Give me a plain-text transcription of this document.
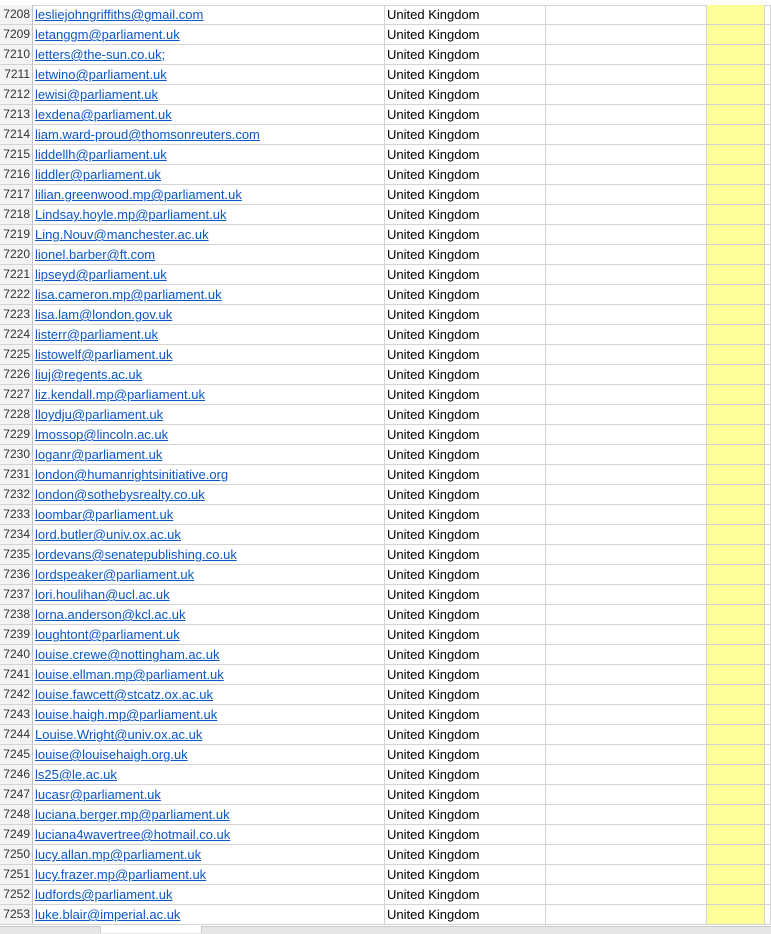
7208 lesliejohngriffiths@gmail.com	United Kingdom
7209 letanggm@parliament.uk	United Kingdom
7210 letters@the-sun.co.uk;	United Kingdom
7211 letwino@parliament.uk	United Kingdom
7212 lewisi@parliament.uk	United Kingdom
7213 lexdena@parliament.uk	United Kingdom
7214 liam.ward-proud@thomsonreuters.com	United Kingdom
7215 liddellh@parliament.uk	United Kingdom
7216 liddler@parliament.uk	United Kingdom
7217 lilian.greenwood.mp@parliament.uk	United Kingdom
7218 Lindsay.hoyle.mp@parliament.uk	United Kingdom
7219 Ling.Nouv@manchester.ac.uk	United Kingdom
7220 lionel.barber@ft.com	United Kingdom
7221 lipseyd@parliament.uk	United Kingdom
7222 lisa.cameron.mp@parliament.uk	United Kingdom
7223 lisa.lam@london.gov.uk	United Kingdom
7224 listerr@parliament.uk	United Kingdom
7225 listowelf@parliament.uk	United Kingdom
7226 liuj@regents.ac.uk	United Kingdom
7227 liz.kendall.mp@parliament.uk	United Kingdom
7228 lloydju@parliament.uk	United Kingdom
7229 lmossop@lincoln.ac.uk	United Kingdom
7230 loganr@parliament.uk	United Kingdom
7231 london@humanrightsinitiative.org	United Kingdom
7232 london@sothebysrealty.co.uk	United Kingdom
7233 loombar@parliament.uk	United Kingdom
7234 lord.butler@univ.ox.ac.uk	United Kingdom
7235 lordevans@senatepublishing.co.uk	United Kingdom
7236 lordspeaker@parliament.uk	United Kingdom
7237 lori.houlihan@ucl.ac.uk	United Kingdom
7238 lorna.anderson@kcl.ac.uk	United Kingdom
7239 loughtont@parliament.uk	United Kingdom
7240 louise.crewe@nottingham.ac.uk	United Kingdom
7241 louise.ellman.mp@parliament.uk	United Kingdom
7242 louise.fawcett@stcatz.ox.ac.uk	United Kingdom
7243 louise.haigh.mp@parliament.uk	United Kingdom
7244 Louise.Wright@univ.ox.ac.uk	United Kingdom
7245 louise@louisehaigh.org.uk	United Kingdom
7246 ls25@le.ac.uk	United Kingdom
7247 lucasr@parliament.uk	United Kingdom
7248 luciana.berger.mp@parliament.uk	United Kingdom
7249 luciana4wavertree@hotmail.co.uk	United Kingdom
7250 lucy.allan.mp@parliament.uk	United Kingdom
7251 lucy.frazer.mp@parliament.uk	United Kingdom
7252 ludfords@parliament.uk	United Kingdom
7253 luke.blair@imperial.ac.uk	United Kingdom
